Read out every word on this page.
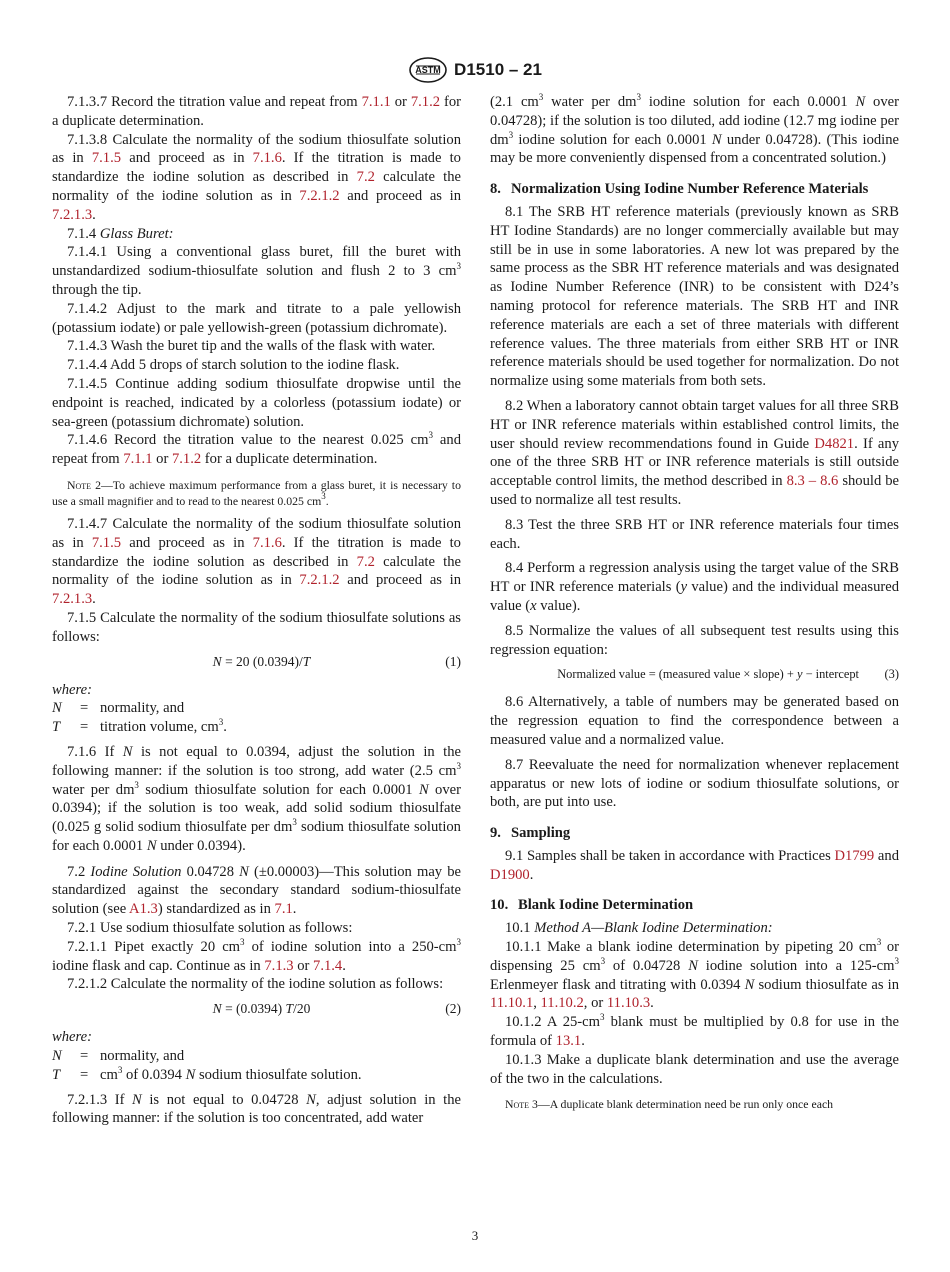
ASTM D1510 – 21

7.1.3.7 Record the titration value and repeat from 7.1.1 or 7.1.2 for a duplicate determination.

7.1.3.8 Calculate the normality of the sodium thiosulfate solution as in 7.1.5 and proceed as in 7.1.6. If the titration is made to standardize the iodine solution as described in 7.2 calculate the normality of the iodine solution as in 7.2.1.2 and proceed as in 7.2.1.3.

7.1.4 Glass Buret:

7.1.4.1 Using a conventional glass buret, fill the buret with unstandardized sodium-thiosulfate solution and flush 2 to 3 $cm^3$ through the tip.

7.1.4.2 Adjust to the mark and titrate to a pale yellowish (potassium iodate) or pale yellowish-green (potassium dichromate).

7.1.4.3 Wash the buret tip and the walls of the flask with water.

7.1.4.4 Add 5 drops of starch solution to the iodine flask.

7.1.4.5 Continue adding sodium thiosulfate dropwise until the endpoint is reached, indicated by a colorless (potassium iodate) or sea-green (potassium dichromate) solution.

7.1.4.6 Record the titration value to the nearest 0.025 $cm^3$ and repeat from 7.1.1 or 7.1.2 for a duplicate determination.

Note 2—To achieve maximum performance from a glass buret, it is necessary to use a small magnifier and to read to the nearest 0.025 $cm^3$.

7.1.4.7 Calculate the normality of the sodium thiosulfate solution as in 7.1.5 and proceed as in 7.1.6. If the titration is made to standardize the iodine solution as described in 7.2 calculate the normality of the iodine solution as in 7.2.1.2 and proceed as in 7.2.1.3.

7.1.5 Calculate the normality of the sodium thiosulfate solutions as follows:

N = 20 (0.0394)/T	(1)
where:
N	= normality, and
T	= titration volume, $cm^3$.

7.1.6 If N is not equal to 0.0394, adjust the solution in the following manner: if the solution is too strong, add water (2.5 $cm^3$ water per $dm^3$ sodium thiosulfate solution for each 0.0001 N over 0.0394); if the solution is too weak, add solid sodium thiosulfate (0.025 g solid sodium thiosulfate per $dm^3$ sodium thiosulfate solution for each 0.0001 N under 0.0394).

7.2 Iodine Solution 0.04728 N (±0.00003)—This solution may be standardized against the secondary standard sodium-thiosulfate solution (see A1.3) standardized as in 7.1.

7.2.1 Use sodium thiosulfate solution as follows:

7.2.1.1 Pipet exactly 20 $cm^3$ of iodine solution into a $250-cm^3$ iodine flask and cap. Continue as in 7.1.3 or 7.1.4.

7.2.1.2 Calculate the normality of the iodine solution as follows:

N = (0.0394) T/20	(2)
where:
N	= normality, and
T	= $cm^3$ of 0.0394 N sodium thiosulfate solution.

7.2.1.3 If N is not equal to 0.04728 N, adjust solution in the following manner: if the solution is too concentrated, add water

(2.1 $cm^3$ water per $dm^3$ iodine solution for each 0.0001 N over 0.04728); if the solution is too diluted, add iodine (12.7 mg iodine per $dm^3$ iodine solution for each 0.0001 N under 0.04728). (This iodine may be more conveniently dispensed from a concentrated solution.)

8. Normalization Using Iodine Number Reference Materials

8.1 The SRB HT reference materials (previously known as SRB HT Iodine Standards) are no longer commercially available but may still be in use in some laboratories. A new lot was prepared by the same process as the SBR HT reference materials and was designated as Iodine Number Reference (INR) to be consistent with D24’s naming protocol for reference materials. The SRB HT and INR reference materials are each a set of three materials with different reference values. The three materials from either SRB HT or INR reference materials should be used together for normalization. Do not normalize using some materials from both sets.

8.2 When a laboratory cannot obtain target values for all three SRB HT or INR reference materials within established control limits, the user should review recommendations found in Guide D4821. If any one of the three SRB HT or INR reference materials is still outside acceptable control limits, the method described in 8.3 – 8.6 should be used to normalize all test results.

8.3 Test the three SRB HT or INR reference materials four times each.

8.4 Perform a regression analysis using the target value of the SRB HT or INR reference materials (y value) and the individual measured value (x value).

8.5 Normalize the values of all subsequent test results using this regression equation:

Normalized value = (measured value × slope) + y − intercept	(3)

8.6 Alternatively, a table of numbers may be generated based on the regression equation to find the correspondence between a measured value and a normalized value.

8.7 Reevaluate the need for normalization whenever replacement apparatus or new lots of iodine or sodium thiosulfate solutions, or both, are put into use.

9. Sampling

9.1 Samples shall be taken in accordance with Practices D1799 and D1900.

10. Blank Iodine Determination

10.1 Method A—Blank Iodine Determination:

10.1.1 Make a blank iodine determination by pipeting 20 $cm^3$ or dispensing 25 $cm^3$ of 0.04728 N iodine solution into a $125-cm^3$ Erlenmeyer flask and titrating with 0.0394 N sodium thiosulfate as in 11.10.1, 11.10.2, or 11.10.3.

10.1.2 A $25-cm^3$ blank must be multiplied by 0.8 for use in the formula of 13.1.

10.1.3 Make a duplicate blank determination and use the average of the two in the calculations.

Note 3—A duplicate blank determination need be run only once each
3
